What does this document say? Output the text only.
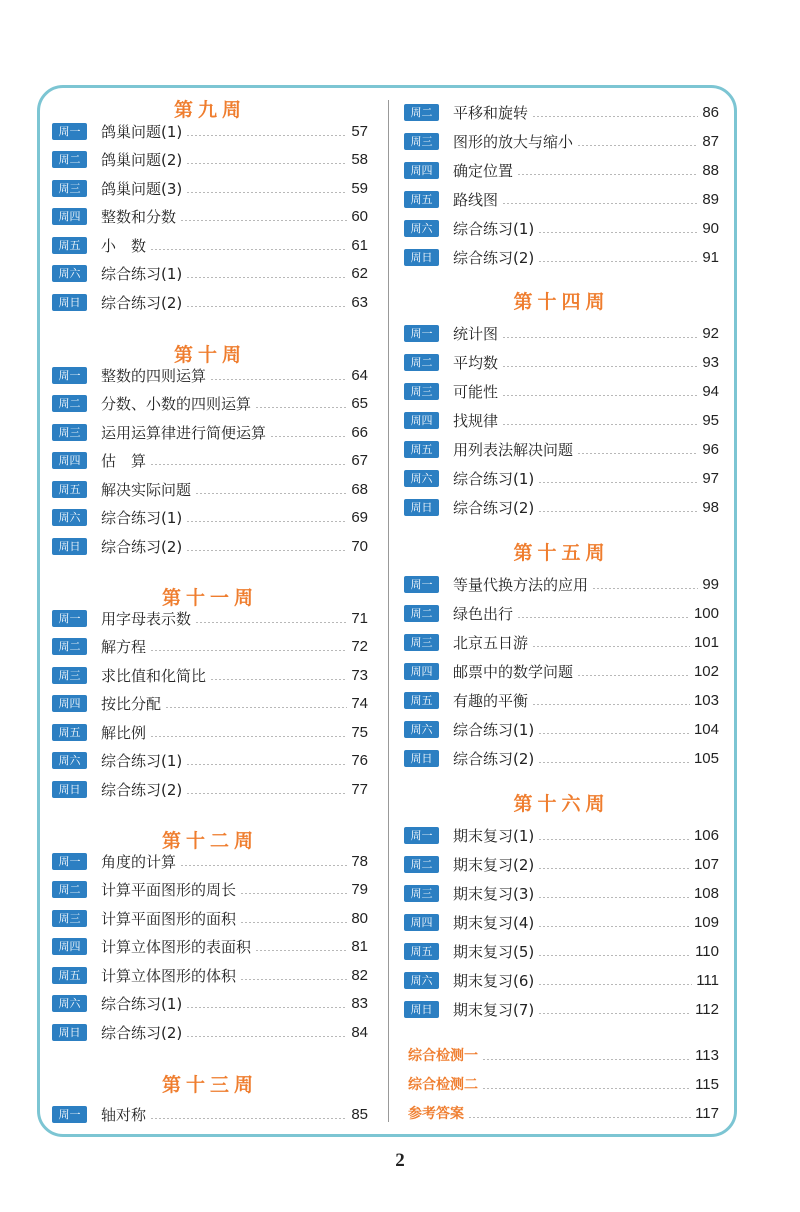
第九周
周一	鸽巢问题(1)	57
周二	鸽巢问题(2)	58
周三	鸽巢问题(3)	59
周四	整数和分数	60
周五	小　数	61
周六	综合练习(1)	62
周日	综合练习(2)	63
第十周
周一	整数的四则运算	64
周二	分数、小数的四则运算	65
周三	运用运算律进行简便运算	66
周四	估　算	67
周五	解决实际问题	68
周六	综合练习(1)	69
周日	综合练习(2)	70
第十一周
周一	用字母表示数	71
周二	解方程	72
周三	求比值和化简比	73
周四	按比分配	74
周五	解比例	75
周六	综合练习(1)	76
周日	综合练习(2)	77
第十二周
周一	角度的计算	78
周二	计算平面图形的周长	79
周三	计算平面图形的面积	80
周四	计算立体图形的表面积	81
周五	计算立体图形的体积	82
周六	综合练习(1)	83
周日	综合练习(2)	84
第十三周
周一	轴对称	85
周二	平移和旋转	86
周三	图形的放大与缩小	87
周四	确定位置	88
周五	路线图	89
周六	综合练习(1)	90
周日	综合练习(2)	91
第十四周
周一	统计图	92
周二	平均数	93
周三	可能性	94
周四	找规律	95
周五	用列表法解决问题	96
周六	综合练习(1)	97
周日	综合练习(2)	98
第十五周
周一	等量代换方法的应用	99
周二	绿色出行	100
周三	北京五日游	101
周四	邮票中的数学问题	102
周五	有趣的平衡	103
周六	综合练习(1)	104
周日	综合练习(2)	105
第十六周
周一	期末复习(1)	106
周二	期末复习(2)	107
周三	期末复习(3)	108
周四	期末复习(4)	109
周五	期末复习(5)	110
周六	期末复习(6)	111
周日	期末复习(7)	112
综合检测一	113
综合检测二	115
参考答案	117
2
